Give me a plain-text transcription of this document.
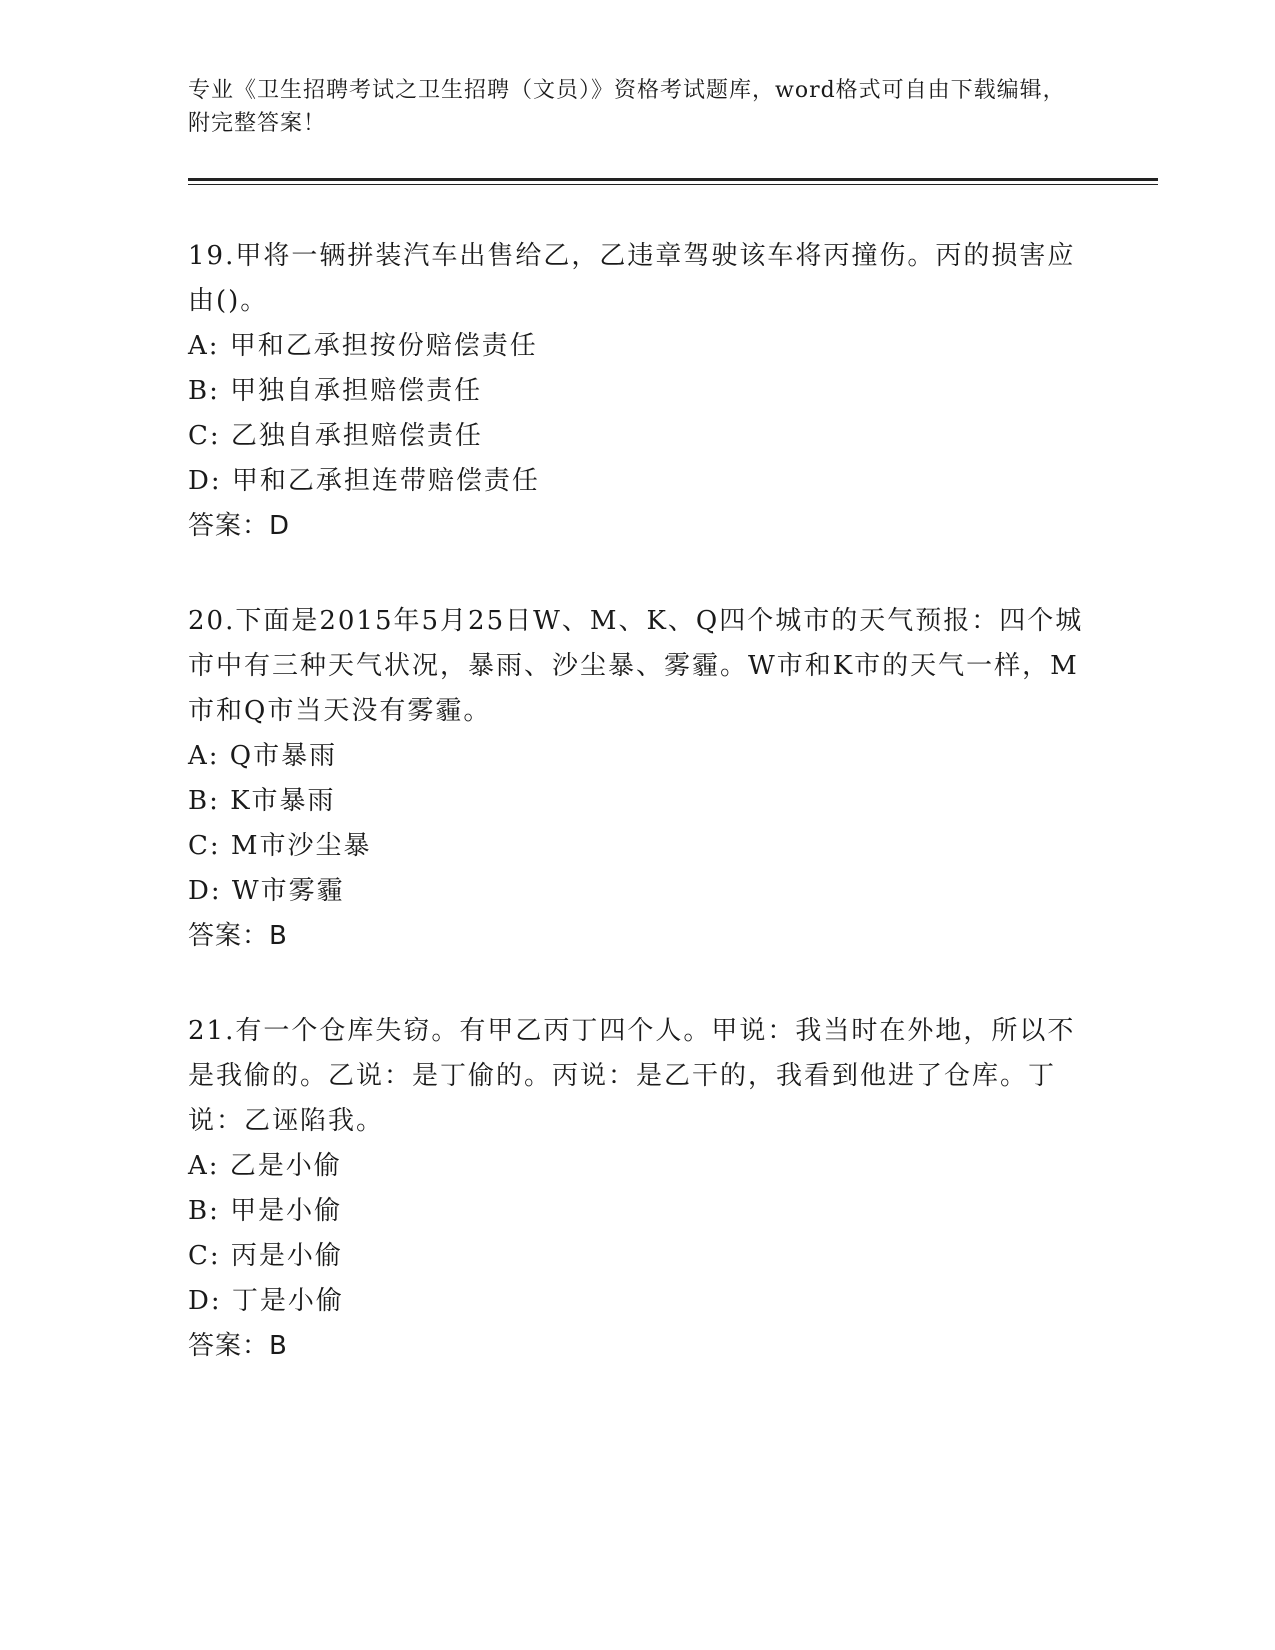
专业《卫生招聘考试之卫生招聘（文员）》资格考试题库，word格式可自由下载编辑，附完整答案！

19.甲将一辆拼装汽车出售给乙，乙违章驾驶该车将丙撞伤。丙的损害应由()。

A: 甲和乙承担按份赔偿责任

B: 甲独自承担赔偿责任

C: 乙独自承担赔偿责任

D: 甲和乙承担连带赔偿责任

答案：D

20.下面是2015年5月25日W、M、K、Q四个城市的天气预报：四个城市中有三种天气状况，暴雨、沙尘暴、雾霾。W市和K市的天气一样，M市和Q市当天没有雾霾。

A: Q市暴雨

B: K市暴雨

C: M市沙尘暴

D: W市雾霾

答案：B

21.有一个仓库失窃。有甲乙丙丁四个人。甲说：我当时在外地，所以不是我偷的。乙说：是丁偷的。丙说：是乙干的，我看到他进了仓库。丁说：乙诬陷我。

A: 乙是小偷

B: 甲是小偷

C: 丙是小偷

D: 丁是小偷

答案：B
